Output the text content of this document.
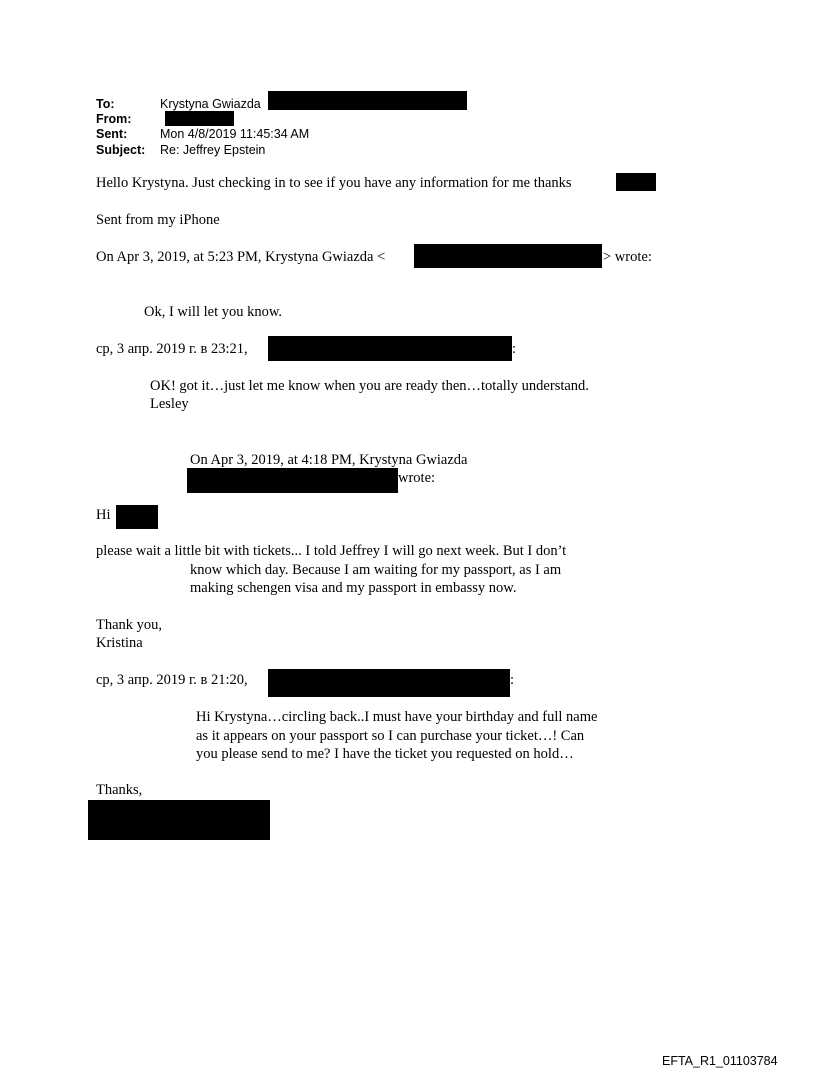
To:	Krystyna Gwiazda
From:
Sent:	Mon 4/8/2019 11:45:34 AM
Subject: Re: Jeffrey Epstein
Hello Krystyna. Just checking in to see if you have any information for me thanks
Sent from my iPhone
On Apr 3, 2019, at 5:23 PM, Krystyna Gwiazda <	> wrote:
Ok, I will let you know.
ср, 3 апр. 2019 г. в 23:21,	:
OK! got it…just let me know when you are ready then…totally understand.
Lesley
On Apr 3, 2019, at 4:18 PM, Krystyna Gwiazda
wrote:
Hi
please wait a little bit with tickets... I told Jeffrey I will go next week. But I don’t
know which day. Because I am waiting for my passport, as I am
making schengen visa and my passport in embassy now.
Thank you,
Kristina
ср, 3 апр. 2019 г. в 21:20,	:
Hi Krystyna…circling back..I must have your birthday and full name
as it appears on your passport so I can purchase your ticket…! Can
you please send to me? I have the ticket you requested on hold…
Thanks,
EFTA_R1_01103784
